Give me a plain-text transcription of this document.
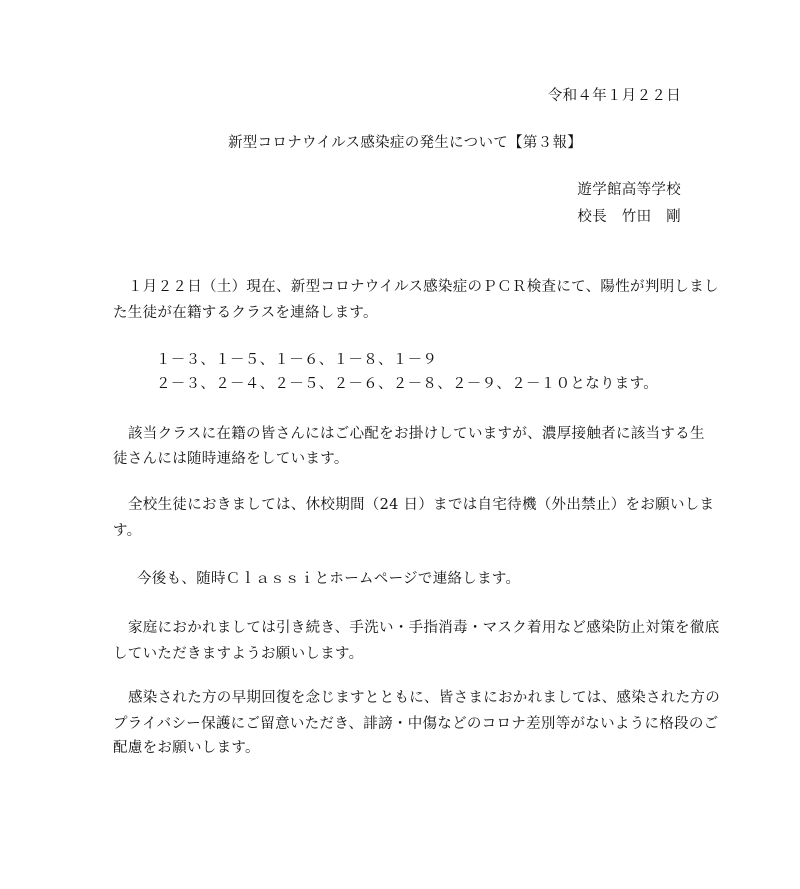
令和４年１月２２日
新型コロナウイルス感染症の発生について【第３報】
遊学館高等学校
校長　竹田　剛
１月２２日（土）現在、新型コロナウイルス感染症のＰＣＲ検査にて、陽性が判明しまし
た生徒が在籍するクラスを連絡します。
１－３、１－５、１－６、１－８、１－９
２－３、２－４、２－５、２－６、２－８、２－９、２－１０となります。
該当クラスに在籍の皆さんにはご心配をお掛けしていますが、濃厚接触者に該当する生
徒さんには随時連絡をしています。
全校生徒におきましては、休校期間（24 日）までは自宅待機（外出禁止）をお願いしま
す。
今後も、随時Ｃｌａｓｓｉとホームページで連絡します。
家庭におかれましては引き続き、手洗い・手指消毒・マスク着用など感染防止対策を徹底
していただきますようお願いします。
感染された方の早期回復を念じますとともに、皆さまにおかれましては、感染された方の
プライバシー保護にご留意いただき、誹謗・中傷などのコロナ差別等がないように格段のご
配慮をお願いします。
